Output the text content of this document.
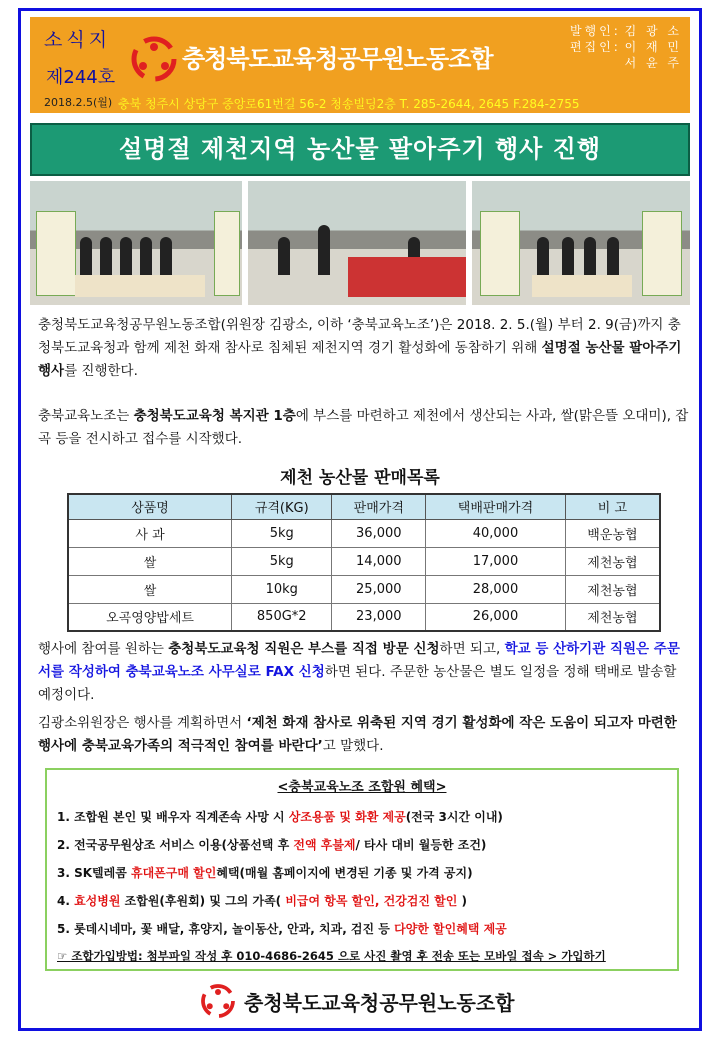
소식지
제244호
2018.2.5(월)
충청북도교육청공무원노동조합
발행인: 김 광 소
편집인: 이 재 민
서 윤 주
충북 청주시 상당구 중앙로61번길 56-2 청송빌딩2층 T. 285-2644, 2645 F.284-2755
설명절 제천지역 농산물 팔아주기 행사 진행
충청북도교육청공무원노동조합(위원장 김광소, 이하 ‘충북교육노조’)은 2018. 2. 5.(월) 부터 2. 9(금)까지 충청북도교육청과 함께 제천 화재 참사로 침체된 제천지역 경기 활성화에 동참하기 위해 설명절 농산물 팔아주기 행사를 진행한다.
충북교육노조는 충청북도교육청 복지관 1층에 부스를 마련하고 제천에서 생산되는 사과, 쌀(맑은뜰 오대미), 잡곡 등을 전시하고 접수를 시작했다.
제천 농산물 판매목록
상품명	규격(KG)	판매가격	택배판매가격	비 고
사 과	5kg	36,000	40,000	백운농협
쌀	5kg	14,000	17,000	제천농협
쌀	10kg	25,000	28,000	제천농협
오곡영양밥세트	850G*2	23,000	26,000	제천농협
행사에 참여를 원하는 충청북도교육청 직원은 부스를 직접 방문 신청하면 되고, 학교 등 산하기관 직원은 주문서를 작성하여 충북교육노조 사무실로 FAX 신청하면 된다. 주문한 농산물은 별도 일정을 정해 택배로 발송할 예정이다.
김광소위원장은 행사를 계획하면서 ‘제천 화재 참사로 위축된 지역 경기 활성화에 작은 도움이 되고자 마련한 행사에 충북교육가족의 적극적인 참여를 바란다’고 말했다.
<충북교육노조 조합원 혜택>
1. 조합원 본인 및 배우자 직계존속 사망 시 상조용품 및 화환 제공(전국 3시간 이내)
2. 전국공무원상조 서비스 이용(상품선택 후 전액 후불제/ 타사 대비 월등한 조건)
3. SK텔레콤 휴대폰구매 할인혜택(매월 홈페이지에 변경된 기종 및 가격 공지)
4. 효성병원 조합원(후원회) 및 그의 가족( 비급여 항목 할인, 건강검진 할인 )
5. 롯데시네마, 꽃 배달, 휴양지, 놀이동산, 안과, 치과, 검진 등 다양한 할인혜택 제공
☞ 조합가입방법: 첨부파일 작성 후 010-4686-2645 으로 사진 촬영 후 전송 또는 모바일 접속 > 가입하기
충청북도교육청공무원노동조합
